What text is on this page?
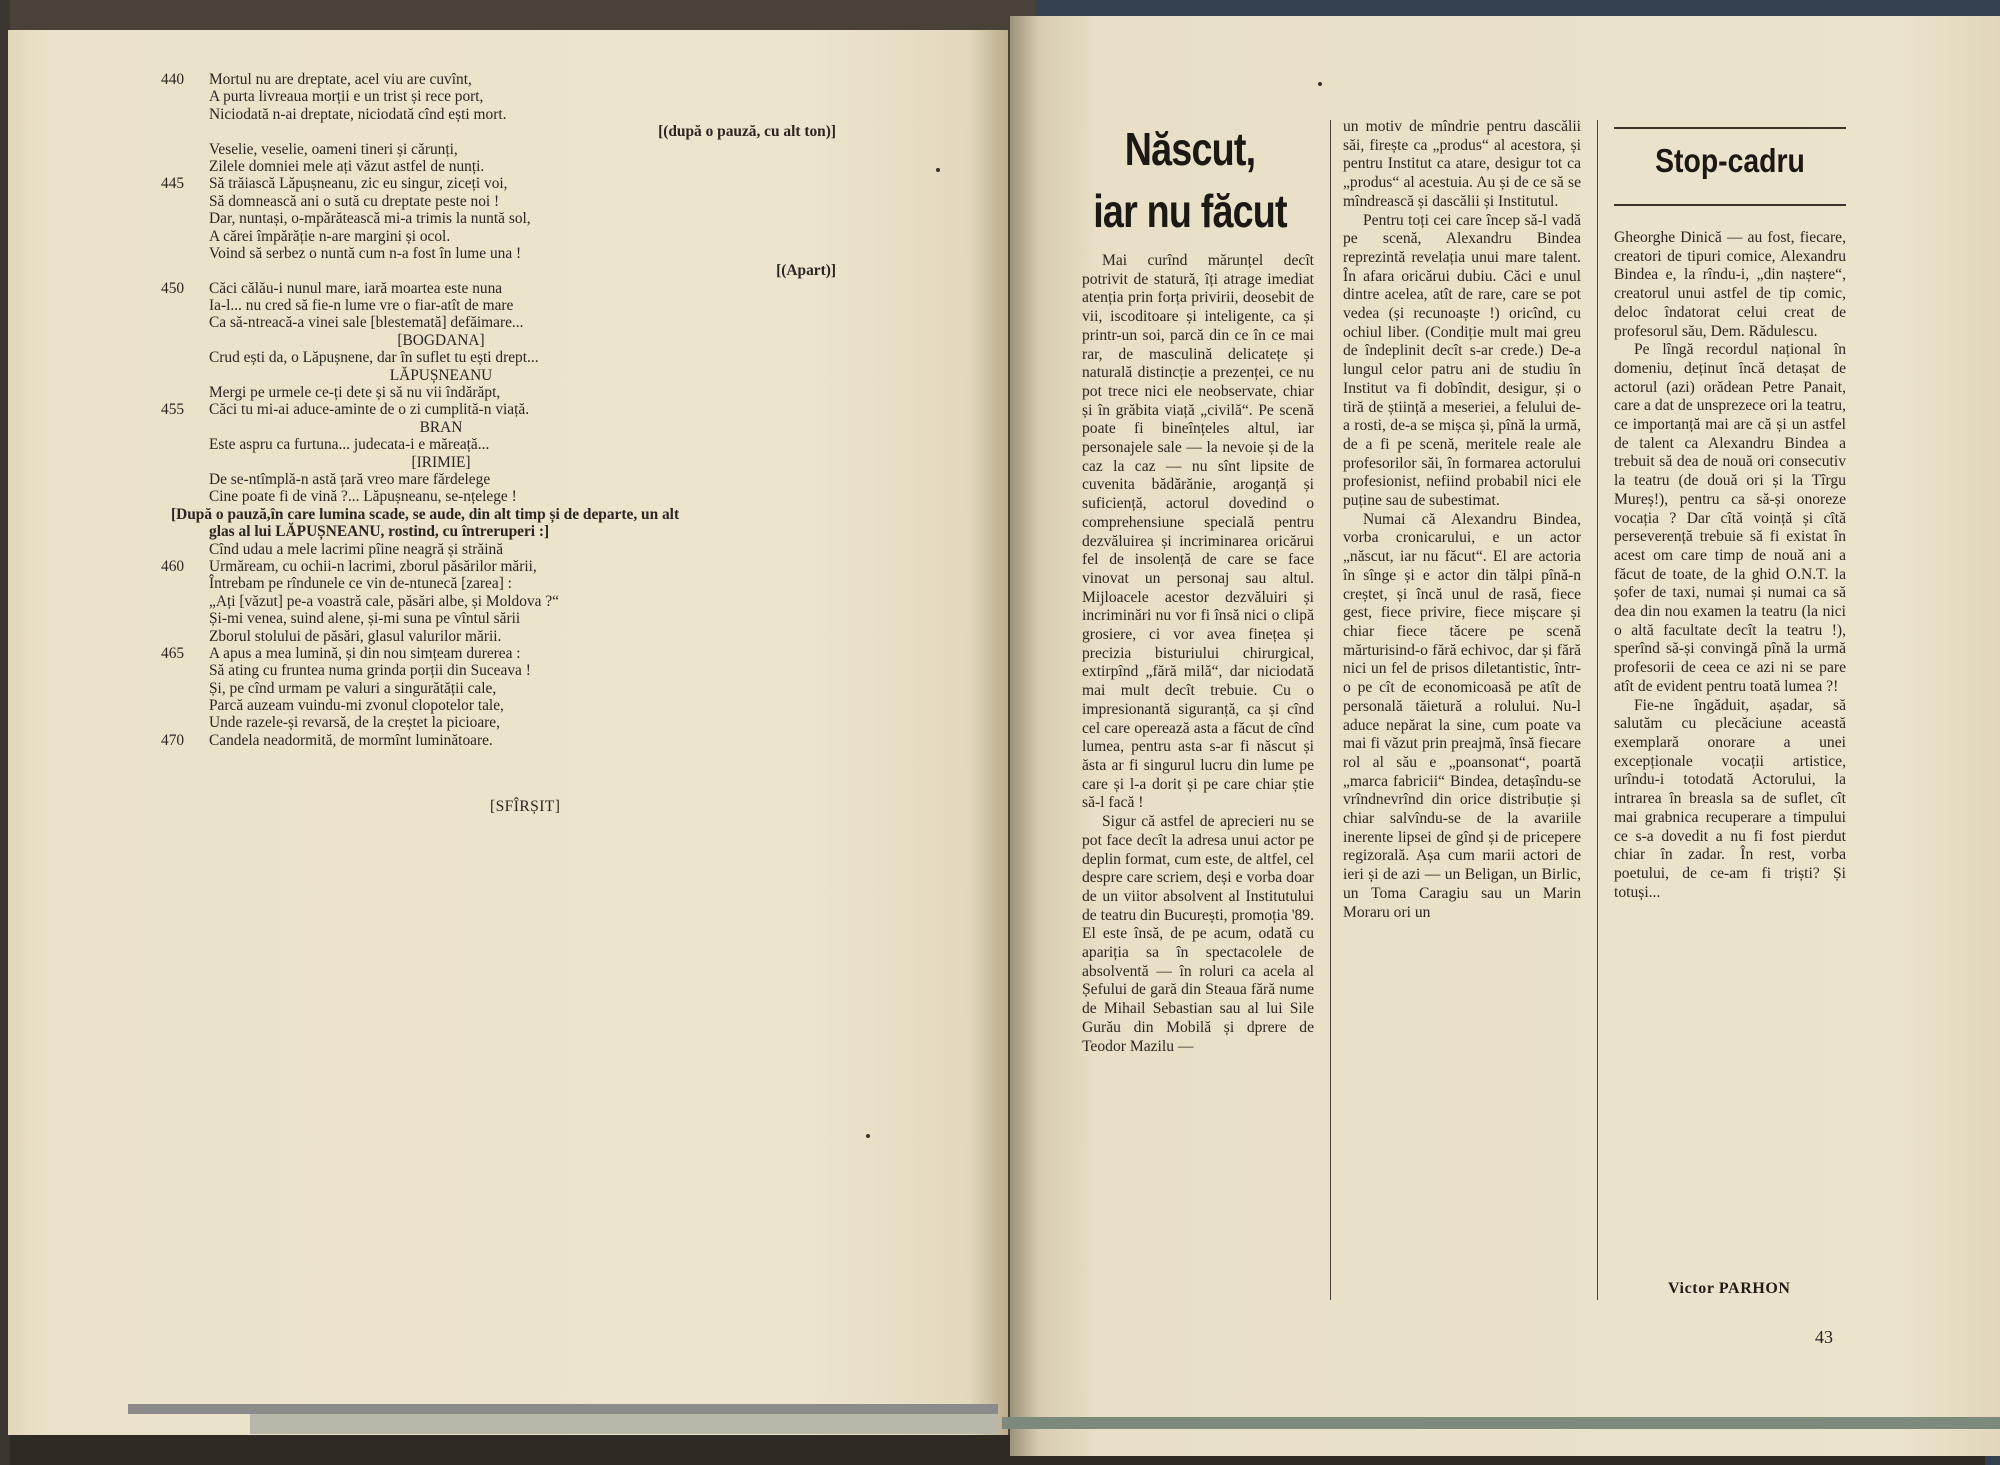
440	Mortul nu are dreptate, acel viu are cuvînt,
A purta livreaua morții e un trist și rece port,
Niciodată n-ai dreptate, niciodată cînd ești mort.
[(după o pauză, cu alt ton)]
Veselie, veselie, oameni tineri și cărunți,
Zilele domniei mele ați văzut astfel de nunți.
445	Să trăiască Lăpușneanu, zic eu singur, ziceți voi,
Să domnească ani o sută cu dreptate peste noi !
Dar, nuntași, o-mpărătească mi-a trimis la nuntă sol,
A cărei împărăție n-are margini și ocol.
Voind să serbez o nuntă cum n-a fost în lume una !
[(Apart)]
450	Căci călău-i nunul mare, iară moartea este nuna
Ia-l... nu cred să fie-n lume vre o fiar-atît de mare
Ca să-ntreacă-a vinei sale [blestemată] defăimare...
[BOGDANA]
Crud ești da, o Lăpușnene, dar în suflet tu ești drept...
LĂPUȘNEANU
Mergi pe urmele ce-ți dete și să nu vii îndărăpt,
455	Căci tu mi-ai aduce-aminte de o zi cumplită-n viață.
BRAN
Este aspru ca furtuna... judecata-i e măreață...
[IRIMIE]
De se-ntîmplă-n astă țară vreo mare fărdelege
Cine poate fi de vină ?... Lăpușneanu, se-nțelege !
[După o pauză,în care lumina scade, se aude, din alt timp și de departe, un alt
glas al lui LĂPUȘNEANU, rostind, cu întreruperi :]
Cînd udau a mele lacrimi pîine neagră și străină
460	Urmăream, cu ochii-n lacrimi, zborul păsărilor mării,
Întrebam pe rîndunele ce vin de-ntunecă [zarea] :
„Ați [văzut] pe-a voastră cale, păsări albe, și Moldova ?“
Și-mi venea, suind alene, și-mi suna pe vîntul sării
Zborul stolului de păsări, glasul valurilor mării.
465	A apus a mea lumină, și din nou simțeam durerea :
Să ating cu fruntea numa grinda porții din Suceava !
Și, pe cînd urmam pe valuri a singurătății cale,
Parcă auzeam vuindu-mi zvonul clopotelor tale,
Unde razele-și revarsă, de la creștet la picioare,
470	Candela neadormită, de mormînt luminătoare.
[SFÎRȘIT]
Născut,
iar nu făcut

Mai curînd mărunțel decît potrivit de statură, îți atrage imediat atenția prin forța privirii, deosebit de vii, iscoditoare și inteligente, ca și printr-un soi, parcă din ce în ce mai rar, de masculină delicatețe și naturală distincție a prezenței, ce nu pot trece nici ele neobservate, chiar și în grăbita viață „civilă“. Pe scenă poate fi bineînțeles altul, iar personajele sale — la nevoie și de la caz la caz — nu sînt lipsite de cuvenita bădărănie, aroganță și suficiență, actorul dovedind o comprehensiune specială pentru dezvăluirea și incriminarea oricărui fel de insolență de care se face vinovat un personaj sau altul. Mijloacele acestor dezvăluiri și incriminări nu vor fi însă nici o clipă grosiere, ci vor avea finețea și precizia bisturiului chirurgical, extirpînd „fără milă“, dar niciodată mai mult decît trebuie. Cu o impresionantă siguranță, ca și cînd cel care operează asta a făcut de cînd lumea, pentru asta s-ar fi născut și ăsta ar fi singurul lucru din lume pe care și l-a dorit și pe care chiar știe să-l facă !

Sigur că astfel de aprecieri nu se pot face decît la adresa unui actor pe deplin format, cum este, de altfel, cel despre care scriem, deși e vorba doar de un viitor absolvent al Institutului de teatru din București, promoția '89. El este însă, de pe acum, odată cu apariția sa în spectacolele de absolventă — în roluri ca acela al Șefului de gară din Steaua fără nume de Mihail Sebastian sau al lui Sile Gurău din Mobilă și dprere de Teodor Mazilu —

un motiv de mîndrie pentru dascălii săi, firește ca „produs“ al acestora, și pentru Institut ca atare, desigur tot ca „produs“ al acestuia. Au și de ce să se mîndrească și dascălii și Institutul.

Pentru toți cei care încep să-l vadă pe scenă, Alexandru Bindea reprezintă revelația unui mare talent. În afara oricărui dubiu. Căci e unul dintre acelea, atît de rare, care se pot vedea (și recunoaște !) oricînd, cu ochiul liber. (Condiție mult mai greu de îndeplinit decît s-ar crede.) De-a lungul celor patru ani de studiu în Institut va fi dobîndit, desigur, și o tiră de știință a meseriei, a felului de-a rosti, de-a se mișca și, pînă la urmă, de a fi pe scenă, meritele reale ale profesorilor săi, în formarea actorului profesionist, nefiind probabil nici ele puține sau de subestimat.

Numai că Alexandru Bindea, vorba cronicarului, e un actor „născut, iar nu făcut“. El are actoria în sînge și e actor din tălpi pînă-n creștet, și încă unul de rasă, fiece gest, fiece privire, fiece mișcare și chiar fiece tăcere pe scenă mărturisind-o fără echivoc, dar și fără nici un fel de prisos diletantistic, într-o pe cît de economicoasă pe atît de personală tăietură a rolului. Nu-l aduce nepărat la sine, cum poate va mai fi văzut prin preajmă, însă fiecare rol al său e „poansonat“, poartă „marca fabricii“ Bindea, detașîndu-se vrîndnevrînd din orice distribuție și chiar salvîndu-se de la avariile inerente lipsei de gînd și de pricepere regizorală. Așa cum marii actori de ieri și de azi — un Beligan, un Birlic, un Toma Caragiu sau un Marin Moraru ori un

Stop-cadru

Gheorghe Dinică — au fost, fiecare, creatori de tipuri comice, Alexandru Bindea e, la rîndu-i, „din naștere“, creatorul unui astfel de tip comic, deloc îndatorat celui creat de profesorul său, Dem. Rădulescu.

Pe lîngă recordul național în domeniu, deținut încă detașat de actorul (azi) orădean Petre Panait, care a dat de unsprezece ori la teatru, ce importanță mai are că și un astfel de talent ca Alexandru Bindea a trebuit să dea de nouă ori consecutiv la teatru (de două ori și la Tîrgu Mureș!), pentru ca să-și onoreze vocația ? Dar cîtă voință și cîtă perseverență trebuie să fi existat în acest om care timp de nouă ani a făcut de toate, de la ghid O.N.T. la șofer de taxi, numai și numai ca să dea din nou examen la teatru (la nici o altă facultate decît la teatru !), sperînd să-și convingă pînă la urmă profesorii de ceea ce azi ni se pare atît de evident pentru toată lumea ?!

Fie-ne îngăduit, așadar, să salutăm cu plecăciune această exemplară onorare a unei excepționale vocații artistice, urîndu-i totodată Actorului, la intrarea în breasla sa de suflet, cît mai grabnica recuperare a timpului ce s-a dovedit a nu fi fost pierdut chiar în zadar. În rest, vorba poetului, de ce-am fi triști? Și totuși...

Victor PARHON
43
